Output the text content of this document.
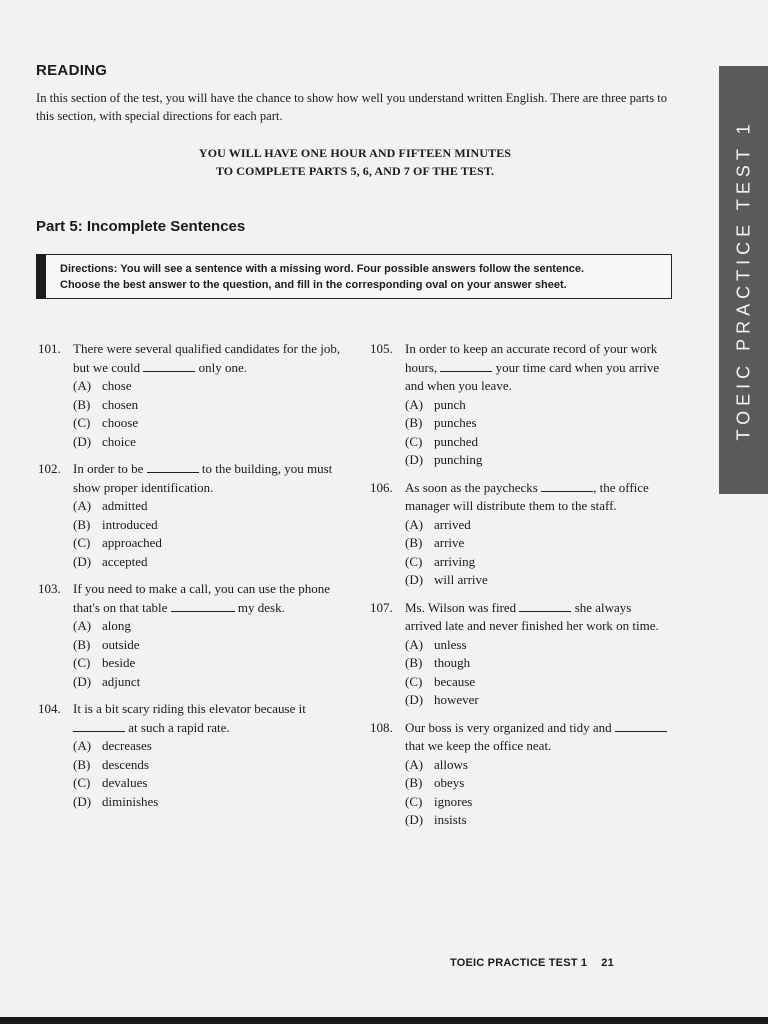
READING
In this section of the test, you will have the chance to show how well you understand written English. There are three parts to this section, with special directions for each part.
YOU WILL HAVE ONE HOUR AND FIFTEEN MINUTES
TO COMPLETE PARTS 5, 6, AND 7 OF THE TEST.
Part 5: Incomplete Sentences
Directions: You will see a sentence with a missing word. Four possible answers follow the sentence.
Choose the best answer to the question, and fill in the corresponding oval on your answer sheet.	TOEIC PRACTICE TEST 1
101. There were several qualified candidates for the job, but we could	only one.
(A) chose
(B) chosen
(C) choose
(D) choice
102. In order to be	to the building, you must show proper identification.
(A) admitted
(B) introduced
(C) approached
(D) accepted
103. If you need to make a call, you can use the phone that's on that table	my desk.
(A) along
(B) outside
(C) beside
(D) adjunct
104. It is a bit scary riding this elevator because it  at such a rapid rate.
(A) decreases
(B) descends
(C) devalues
(D) diminishes
105. In order to keep an accurate record of your work hours,	your time card when you arrive and when you leave.
(A) punch
(B) punches
(C) punched
(D) punching
106. As soon as the paychecks	, the office manager will distribute them to the staff.
(A) arrived
(B) arrive
(C) arriving
(D) will arrive
107. Ms. Wilson was fired	she always arrived late and never finished her work on time.
(A) unless
(B) though
(C) because
(D) however
108. Our boss is very organized and tidy and  that we keep the office neat.
(A) allows
(B) obeys
(C) ignores
(D) insists
TOEIC PRACTICE TEST 1 21
